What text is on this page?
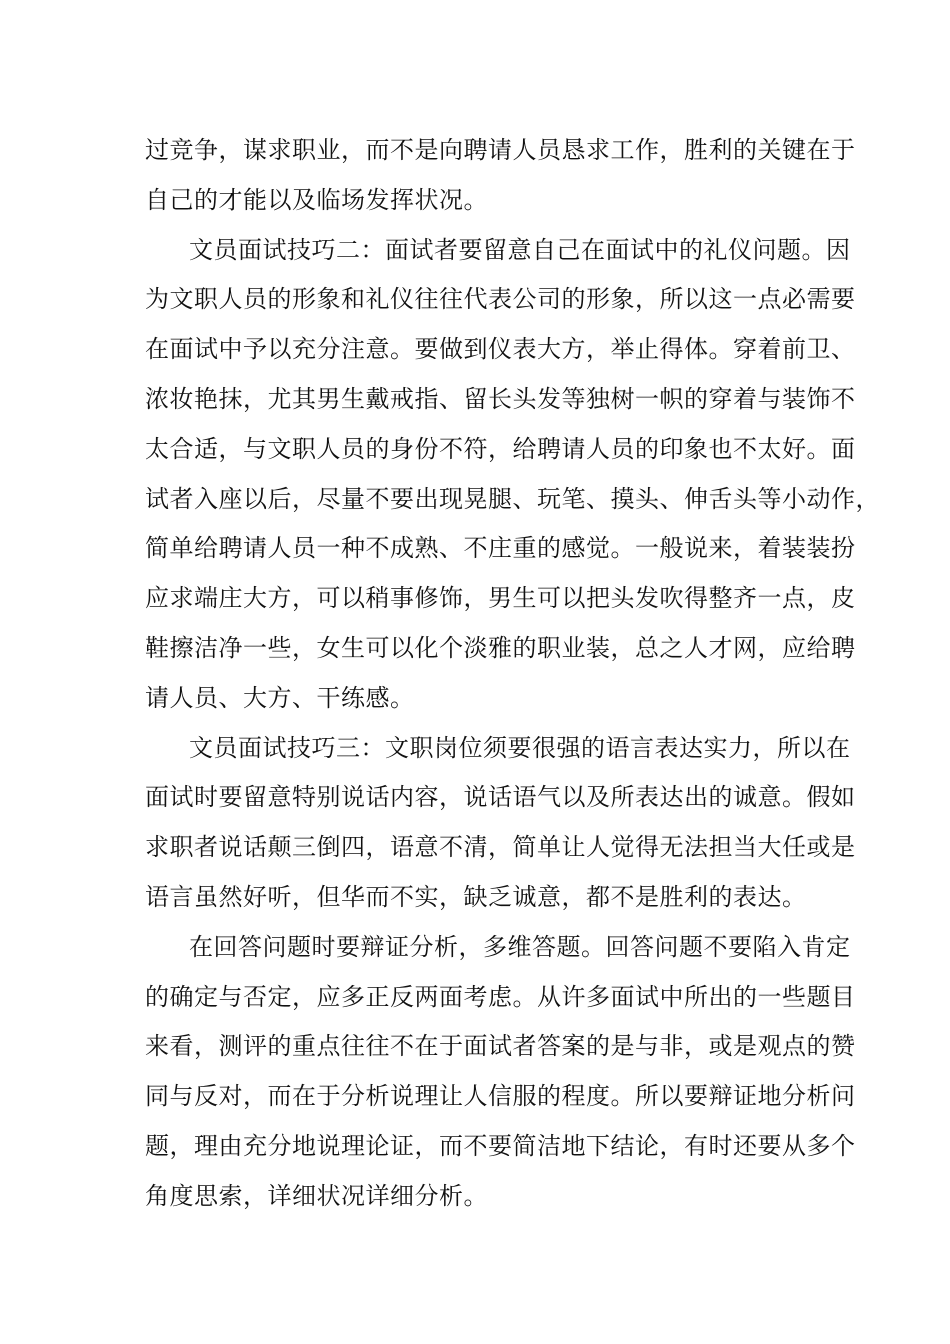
过竞争，谋求职业，而不是向聘请人员恳求工作，胜利的关键在于
自己的才能以及临场发挥状况。
文员面试技巧二：面试者要留意自己在面试中的礼仪问题。因
为文职人员的形象和礼仪往往代表公司的形象，所以这一点必需要
在面试中予以充分注意。要做到仪表大方，举止得体。穿着前卫、
浓妆艳抹，尤其男生戴戒指、留长头发等独树一帜的穿着与装饰不
太合适，与文职人员的身份不符，给聘请人员的印象也不太好。面
试者入座以后，尽量不要出现晃腿、玩笔、摸头、伸舌头等小动作，
简单给聘请人员一种不成熟、不庄重的感觉。一般说来，着装装扮
应求端庄大方，可以稍事修饰，男生可以把头发吹得整齐一点，皮
鞋擦洁净一些，女生可以化个淡雅的职业装，总之人才网，应给聘
请人员、大方、干练感。
文员面试技巧三：文职岗位须要很强的语言表达实力，所以在
面试时要留意特别说话内容，说话语气以及所表达出的诚意。假如
求职者说话颠三倒四，语意不清，简单让人觉得无法担当大任或是
语言虽然好听，但华而不实，缺乏诚意，都不是胜利的表达。
在回答问题时要辩证分析，多维答题。回答问题不要陷入肯定
的确定与否定，应多正反两面考虑。从许多面试中所出的一些题目
来看，测评的重点往往不在于面试者答案的是与非，或是观点的赞
同与反对，而在于分析说理让人信服的程度。所以要辩证地分析问
题，理由充分地说理论证，而不要简洁地下结论，有时还要从多个
角度思索，详细状况详细分析。
